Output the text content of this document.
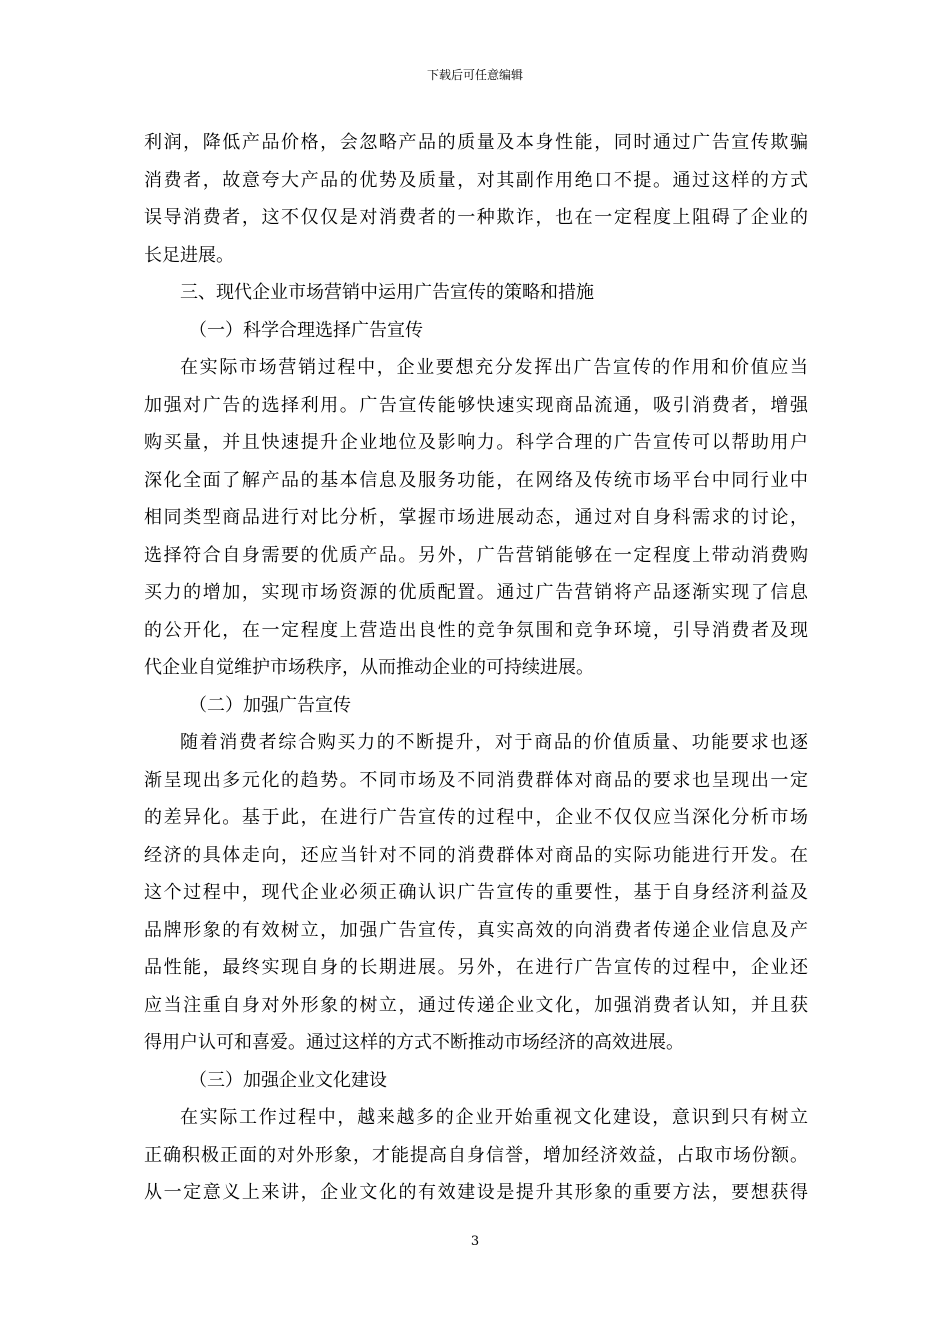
下载后可任意编辑
利润，降低产品价格，会忽略产品的质量及本身性能，同时通过广告宣传欺骗
消费者，故意夸大产品的优势及质量，对其副作用绝口不提。通过这样的方式
误导消费者，这不仅仅是对消费者的一种欺诈，也在一定程度上阻碍了企业的
长足进展。
三、现代企业市场营销中运用广告宣传的策略和措施
（一）科学合理选择广告宣传
在实际市场营销过程中，企业要想充分发挥出广告宣传的作用和价值应当
加强对广告的选择利用。广告宣传能够快速实现商品流通，吸引消费者，增强
购买量，并且快速提升企业地位及影响力。科学合理的广告宣传可以帮助用户
深化全面了解产品的基本信息及服务功能，在网络及传统市场平台中同行业中
相同类型商品进行对比分析，掌握市场进展动态，通过对自身科需求的讨论，
选择符合自身需要的优质产品。另外，广告营销能够在一定程度上带动消费购
买力的增加，实现市场资源的优质配置。通过广告营销将产品逐渐实现了信息
的公开化，在一定程度上营造出良性的竞争氛围和竞争环境，引导消费者及现
代企业自觉维护市场秩序，从而推动企业的可持续进展。
（二）加强广告宣传
随着消费者综合购买力的不断提升，对于商品的价值质量、功能要求也逐
渐呈现出多元化的趋势。不同市场及不同消费群体对商品的要求也呈现出一定
的差异化。基于此，在进行广告宣传的过程中，企业不仅仅应当深化分析市场
经济的具体走向，还应当针对不同的消费群体对商品的实际功能进行开发。在
这个过程中，现代企业必须正确认识广告宣传的重要性，基于自身经济利益及
品牌形象的有效树立，加强广告宣传，真实高效的向消费者传递企业信息及产
品性能，最终实现自身的长期进展。另外，在进行广告宣传的过程中，企业还
应当注重自身对外形象的树立，通过传递企业文化，加强消费者认知，并且获
得用户认可和喜爱。通过这样的方式不断推动市场经济的高效进展。
（三）加强企业文化建设
在实际工作过程中，越来越多的企业开始重视文化建设，意识到只有树立
正确积极正面的对外形象，才能提高自身信誉，增加经济效益，占取市场份额。
从一定意义上来讲，企业文化的有效建设是提升其形象的重要方法，要想获得
3
